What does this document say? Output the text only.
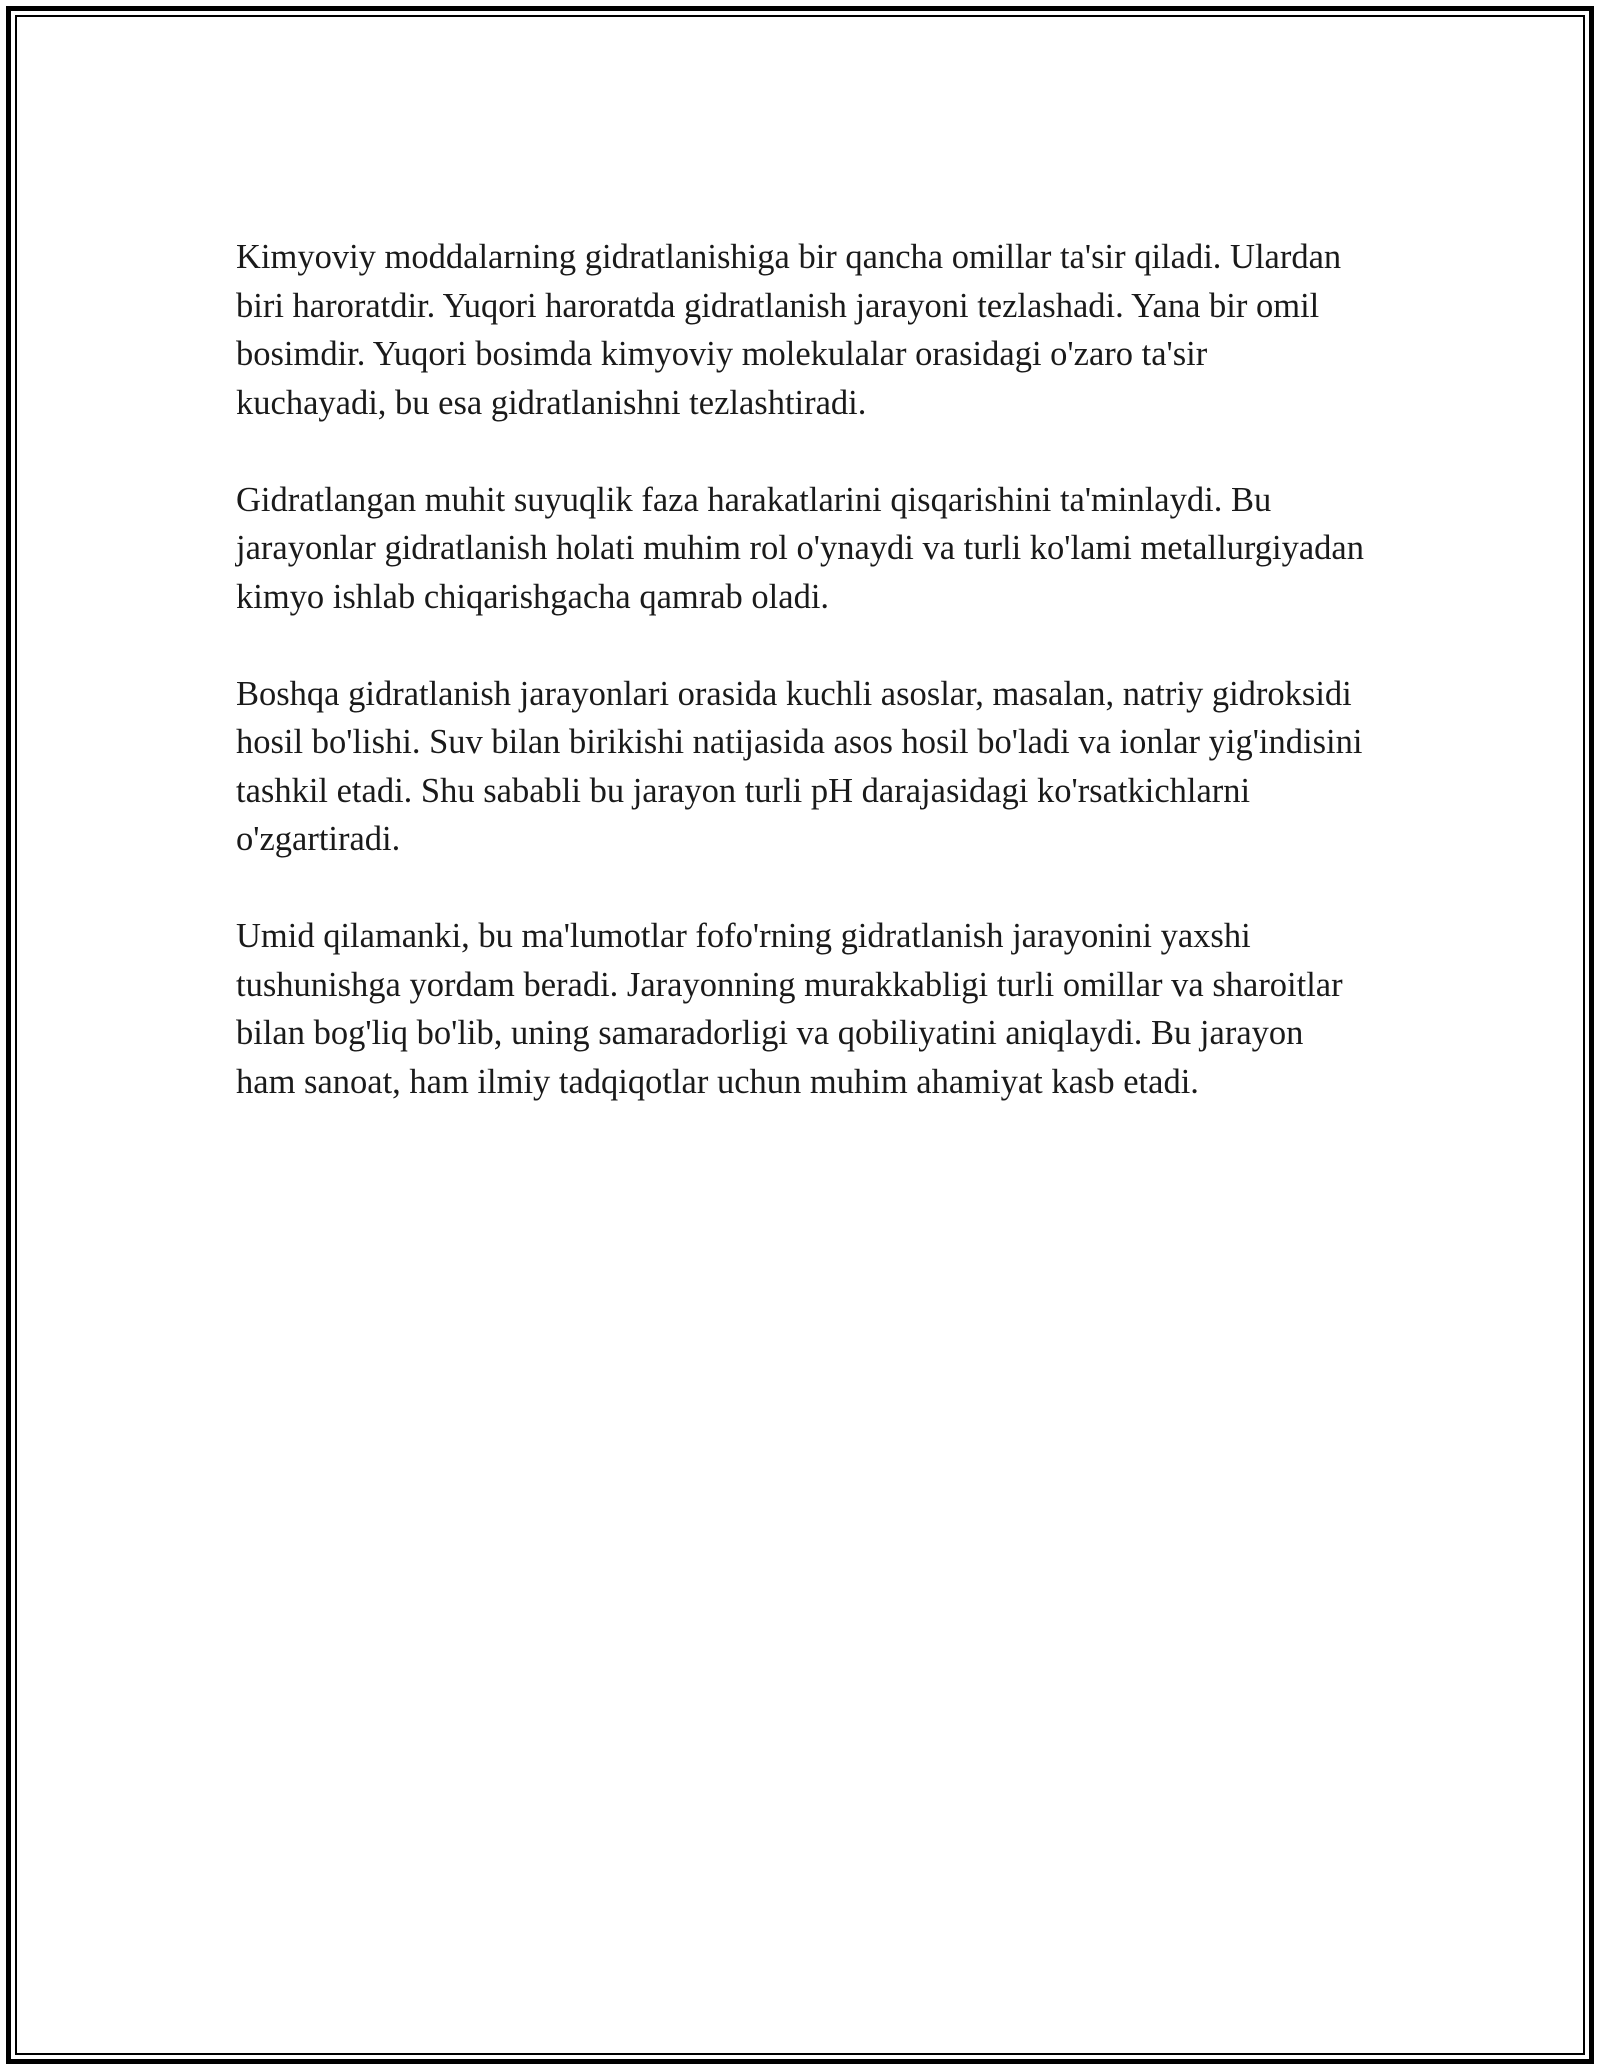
Kimyoviy moddalarning gidratlanishiga bir qancha omillar ta'sir qiladi. Ulardan biri haroratdir. Yuqori haroratda gidratlanish jarayoni tezlashadi. Yana bir omil bosimdir. Yuqori bosimda kimyoviy molekulalar orasidagi o'zaro ta'sir kuchayadi, bu esa gidratlanishni tezlashtiradi.

Gidratlangan muhit suyuqlik faza harakatlarini qisqarishini ta'minlaydi. Bu jarayonlar gidratlanish holati muhim rol o'ynaydi va turli ko'lami metallurgiyadan kimyo ishlab chiqarishgacha qamrab oladi.

Boshqa gidratlanish jarayonlari orasida kuchli asoslar, masalan, natriy gidroksidi hosil bo'lishi. Suv bilan birikishi natijasida asos hosil bo'ladi va ionlar yig'indisini tashkil etadi. Shu sababli bu jarayon turli pH darajasidagi ko'rsatkichlarni o'zgartiradi.

Umid qilamanki, bu ma'lumotlar fofo'rning gidratlanish jarayonini yaxshi tushunishga yordam beradi. Jarayonning murakkabligi turli omillar va sharoitlar bilan bog'liq bo'lib, uning samaradorligi va qobiliyatini aniqlaydi. Bu jarayon ham sanoat, ham ilmiy tadqiqotlar uchun muhim ahamiyat kasb etadi.
